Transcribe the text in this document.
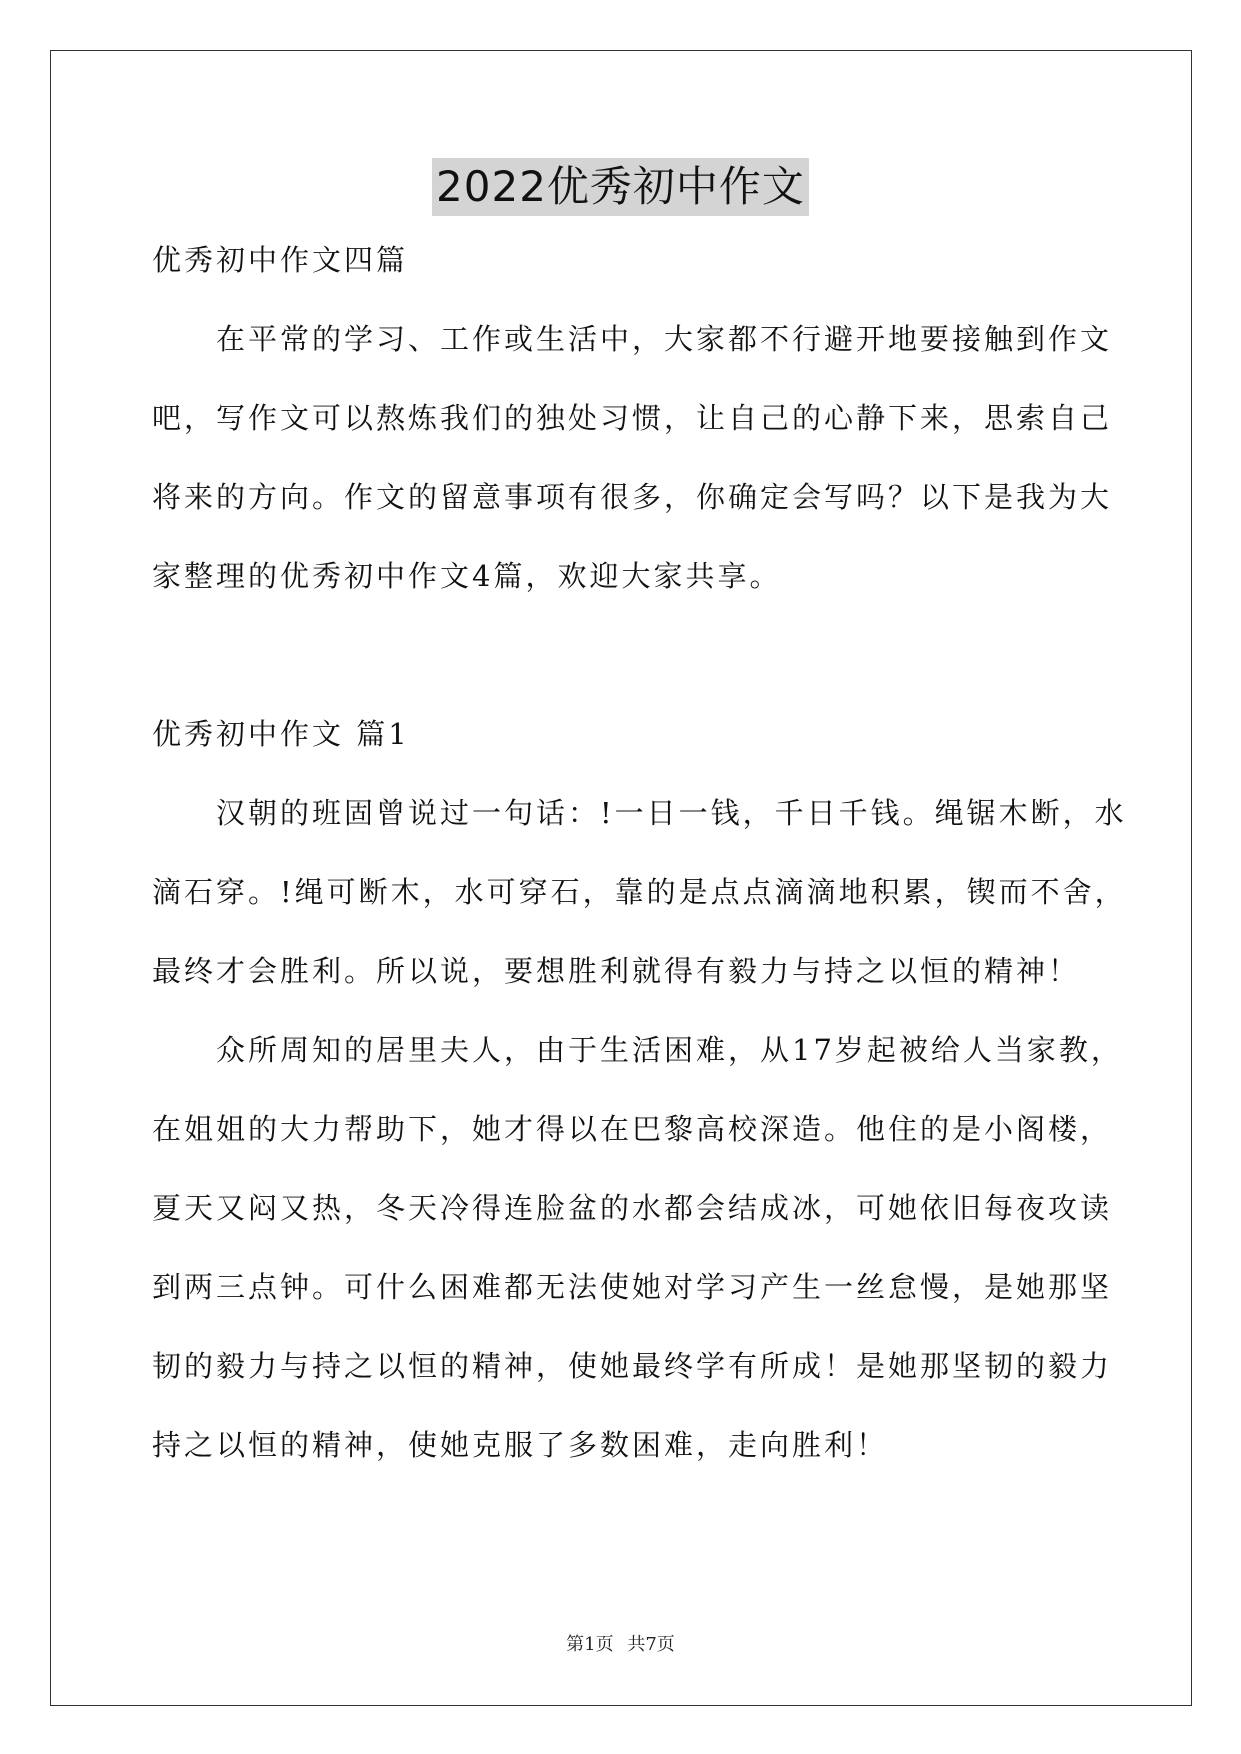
2022优秀初中作文
优秀初中作文四篇
在平常的学习、工作或生活中，大家都不行避开地要接触到作文
吧，写作文可以熬炼我们的独处习惯，让自己的心静下来，思索自己
将来的方向。作文的留意事项有很多，你确定会写吗？以下是我为大
家整理的优秀初中作文4篇，欢迎大家共享。
优秀初中作文 篇1
汉朝的班固曾说过一句话：!一日一钱，千日千钱。绳锯木断，水
滴石穿。!绳可断木，水可穿石，靠的是点点滴滴地积累，锲而不舍，
最终才会胜利。所以说，要想胜利就得有毅力与持之以恒的精神！
众所周知的居里夫人，由于生活困难，从17岁起被给人当家教，
在姐姐的大力帮助下，她才得以在巴黎高校深造。他住的是小阁楼，
夏天又闷又热，冬天冷得连脸盆的水都会结成冰，可她依旧每夜攻读
到两三点钟。可什么困难都无法使她对学习产生一丝怠慢，是她那坚
韧的毅力与持之以恒的精神，使她最终学有所成！是她那坚韧的毅力
持之以恒的精神，使她克服了多数困难，走向胜利！
第1页 共7页
